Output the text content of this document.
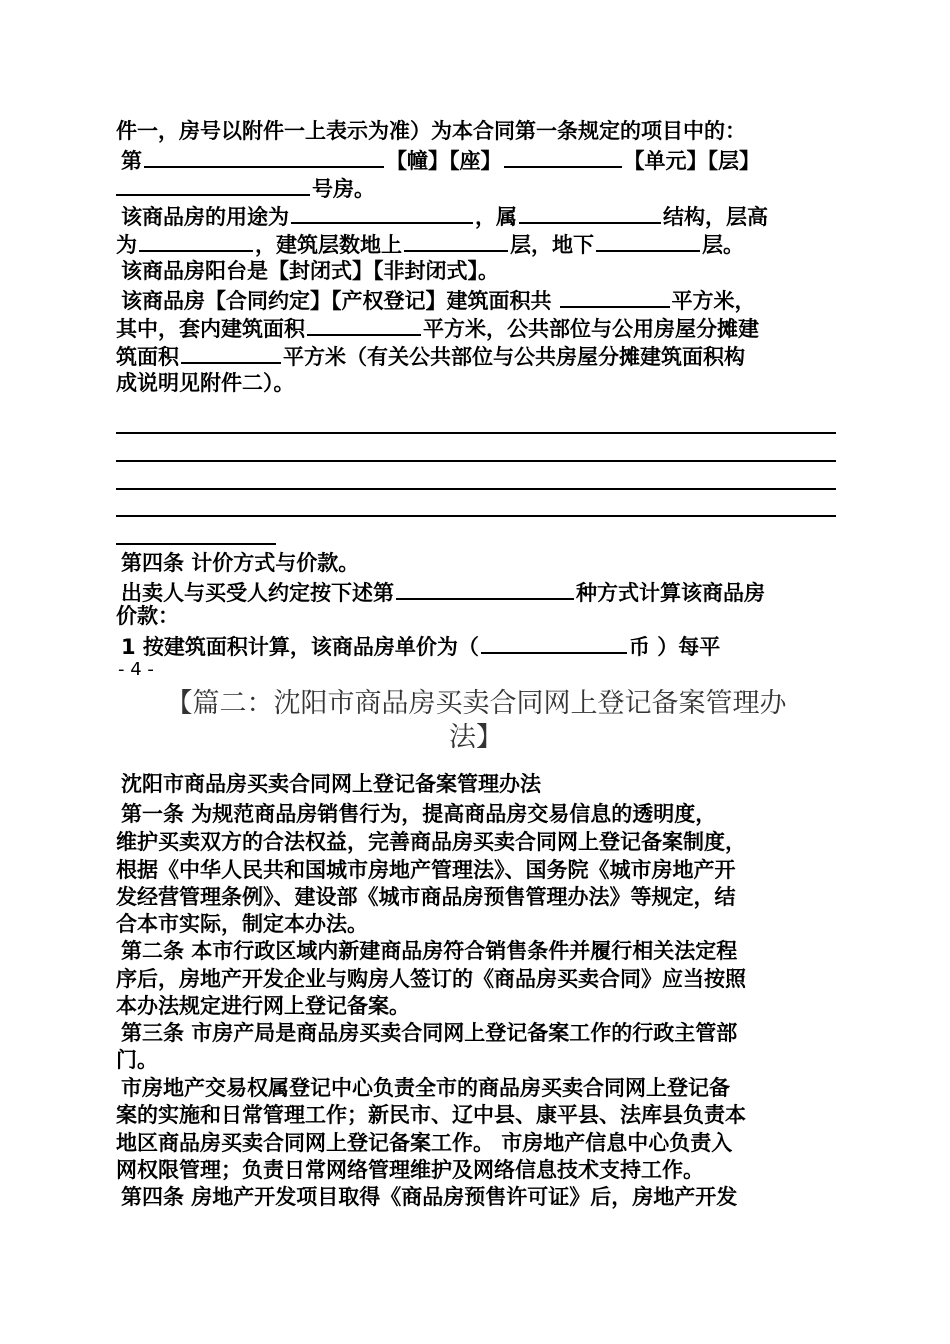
件一，房号以附件一上表示为准）为本合同第一条规定的项目中的：
第	【幢】【座】	【单元】【层】
号房。
该商品房的用途为	，属	结构，层高
为	，建筑层数地上	层，地下	层。
该商品房阳台是【封闭式】【非封闭式】。
该商品房【合同约定】【产权登记】建筑面积共	平方米，
其中，套内建筑面积	平方米，公共部位与公用房屋分摊建
筑面积	平方米（有关公共部位与公共房屋分摊建筑面积构
成说明见附件二）。
第四条 计价方式与价款。
出卖人与买受人约定按下述第	种方式计算该商品房
价款：
1 按建筑面积计算，该商品房单价为（	币 ）每平
- 4 -
【篇二：沈阳市商品房买卖合同网上登记备案管理办
法】
沈阳市商品房买卖合同网上登记备案管理办法
第一条 为规范商品房销售行为，提高商品房交易信息的透明度，
维护买卖双方的合法权益，完善商品房买卖合同网上登记备案制度，
根据《中华人民共和国城市房地产管理法》、国务院《城市房地产开
发经营管理条例》、建设部《城市商品房预售管理办法》等规定，结
合本市实际，制定本办法。
第二条 本市行政区域内新建商品房符合销售条件并履行相关法定程
序后，房地产开发企业与购房人签订的《商品房买卖合同》应当按照
本办法规定进行网上登记备案。
第三条 市房产局是商品房买卖合同网上登记备案工作的行政主管部
门。
市房地产交易权属登记中心负责全市的商品房买卖合同网上登记备
案的实施和日常管理工作；新民市、辽中县、康平县、法库县负责本
地区商品房买卖合同网上登记备案工作。 市房地产信息中心负责入
网权限管理；负责日常网络管理维护及网络信息技术支持工作。
第四条 房地产开发项目取得《商品房预售许可证》后，房地产开发
